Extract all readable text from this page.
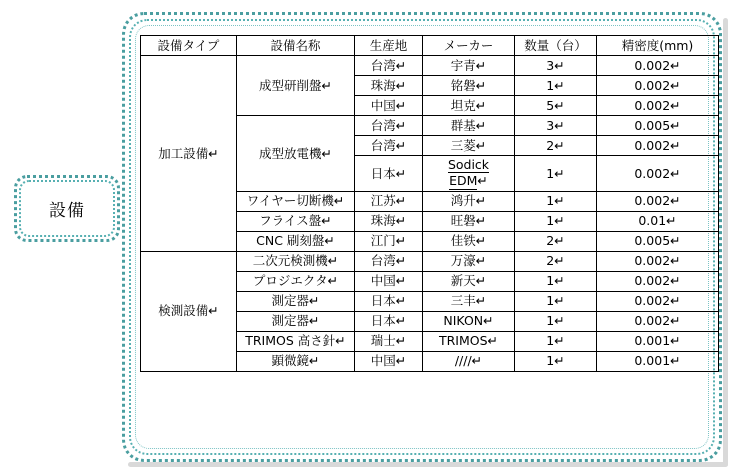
設備
設備タイプ	設備名称	生産地	メーカー	数量（台）	精密度(mm)
加工設備↵	成型研削盤↵	台湾↵	宇青↵	3↵	0.002↵
		珠海↵	铭磐↵	1↵	0.002↵
		中国↵	坦克↵	5↵	0.002↵
	成型放電機↵	台湾↵	群基↵	3↵	0.005↵
		台湾↵	三菱↵	2↵	0.002↵
		日本↵	Sodick
EDM↵	1↵	0.002↵
	ワイヤー切断機↵	江苏↵	鸿升↵	1↵	0.002↵
	フライス盤↵	珠海↵	旺磐↵	1↵	0.01↵
	CNC 刷刻盤↵	江门↵	佳铁↵	2↵	0.005↵
検測設備↵	二次元検測機↵	台湾↵	万濠↵	2↵	0.002↵
	プロジエクタ↵	中国↵	新天↵	1↵	0.002↵
	測定器↵	日本↵	三丰↵	1↵	0.002↵
	測定器↵	日本↵	NIKON↵	1↵	0.002↵
	TRIMOS 高さ針↵	瑞士↵	TRIMOS↵	1↵	0.001↵
	顕微鏡↵	中国↵	////↵	1↵	0.001↵
